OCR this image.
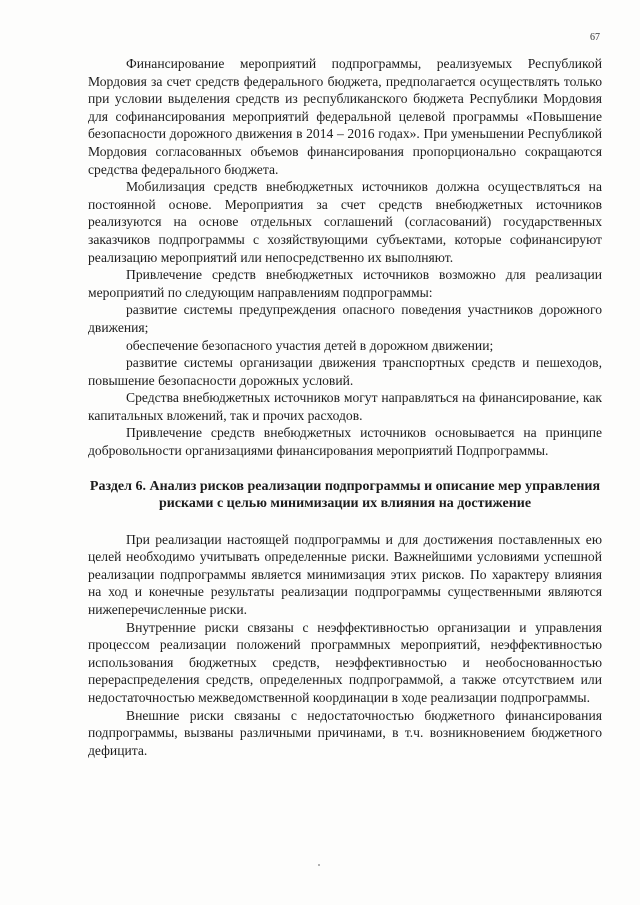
67

Финансирование мероприятий подпрограммы, реализуемых Республикой Мордовия за счет средств федерального бюджета, предполагается осуществлять только при условии выделения средств из республиканского бюджета Республики Мордовия для софинансирования мероприятий федеральной целевой программы «Повышение безопасности дорожного движения в 2014 – 2016 годах». При уменьшении Республикой Мордовия согласованных объемов финансирования пропорционально сокращаются средства федерального бюджета.

Мобилизация средств внебюджетных источников должна осуществляться на постоянной основе. Мероприятия за счет средств внебюджетных источников реализуются на основе отдельных соглашений (согласований) государственных заказчиков подпрограммы с хозяйствующими субъектами, которые софинансируют реализацию мероприятий или непосредственно их выполняют.

Привлечение средств внебюджетных источников возможно для реализации мероприятий по следующим направлениям подпрограммы:

развитие системы предупреждения опасного поведения участников дорожного движения;

обеспечение безопасного участия детей в дорожном движении;

развитие системы организации движения транспортных средств и пешеходов, повышение безопасности дорожных условий.

Средства внебюджетных источников могут направляться на финансирование, как капитальных вложений, так и прочих расходов.

Привлечение средств внебюджетных источников основывается на принципе добровольности организациями финансирования мероприятий Подпрограммы.

Раздел 6. Анализ рисков реализации подпрограммы и описание мер управления рисками с целью минимизации их влияния на достижение

При реализации настоящей подпрограммы и для достижения поставленных ею целей необходимо учитывать определенные риски. Важнейшими условиями успешной реализации подпрограммы является минимизация этих рисков. По характеру влияния на ход и конечные результаты реализации подпрограммы существенными являются нижеперечисленные риски.

Внутренние риски связаны с неэффективностью организации и управления процессом реализации положений программных мероприятий, неэффективностью использования бюджетных средств, неэффективностью и необоснованностью перераспределения средств, определенных подпрограммой, а также отсутствием или недостаточностью межведомственной координации в ходе реализации подпрограммы.

Внешние риски связаны с недостаточностью бюджетного финансирования подпрограммы, вызваны различными причинами, в т.ч. возникновением бюджетного дефицита.
